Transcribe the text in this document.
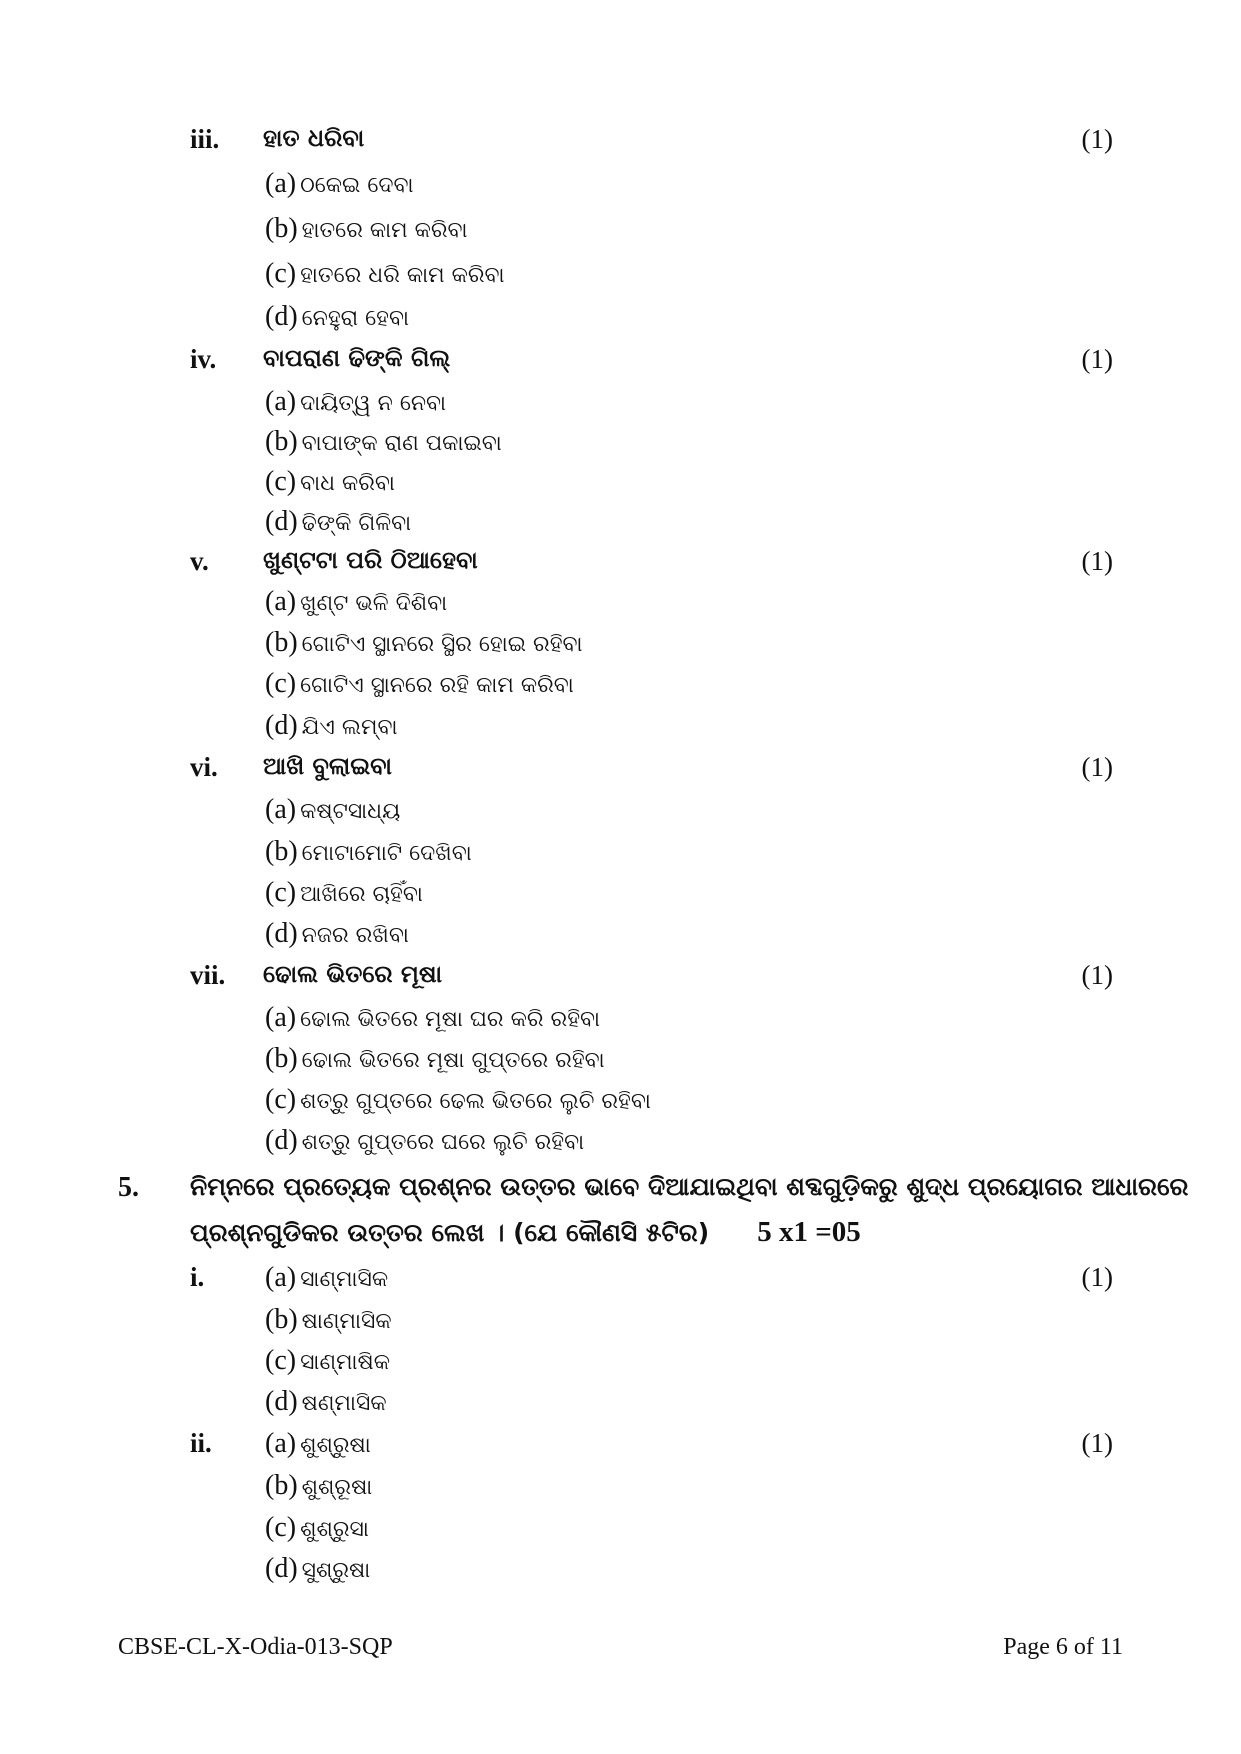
iii. ହାତ ଧରିବା	(1)
(a) ଠକେଇ ଦେବା
(b) ହାତରେ କାମ କରିବା
(c) ହାତରେ ଧରି କାମ କରିବା
(d) ନେହୁରା ହେବା
iv. ବାପରାଣ ଢିଙ୍କି ଗିଲ୍	(1)
(a) ଦାୟିତ୍ୱ ନ ନେବା
(b) ବାପାଙ୍କ ରାଣ ପକାଇବା
(c) ବାଧ କରିବା
(d) ଢିଙ୍କି ଗିଳିବା
v. ଖୁଣ୍ଟଟା ପରି ଠିଆହେବା	(1)
(a) ଖୁଣ୍ଟ ଭଳି ଦିଶିବା
(b) ଗୋଟିଏ ସ୍ଥାନରେ ସ୍ଥିର ହୋଇ ରହିବା
(c) ଗୋଟିଏ ସ୍ଥାନରେ ରହି କାମ କରିବା
(d) ଯିଏ ଲମ୍ବା
vi. ଆଖି ବୁଲାଇବା	(1)
(a) କଷ୍ଟସାଧ୍ୟ
(b) ମୋଟାମୋଟି ଦେଖିବା
(c) ଆଖିରେ ଚାହିଁବା
(d) ନଜର ରଖିବା
vii. ଢୋଲ ଭିତରେ ମୂଷା	(1)
(a) ଢୋଲ ଭିତରେ ମୂଷା ଘର କରି ରହିବା
(b) ଢୋଲ ଭିତରେ ମୂଷା ଗୁପ୍ତରେ ରହିବା
(c) ଶତ୍ରୁ ଗୁପ୍ତରେ ଢେଲ ଭିତରେ ଲୁଚି ରହିବା
(d) ଶତ୍ରୁ ଗୁପ୍ତରେ ଘରେ ଲୁଚି ରହିବା
5. ନିମ୍ନରେ ପ୍ରତ୍ୟେକ ପ୍ରଶ୍ନର ଉତ୍ତର ଭାବେ ଦିଆଯାଇଥିବା ଶବ୍ଦଗୁଡ଼ିକରୁ ଶୁଦ୍ଧ ପ୍ରୟୋଗର ଆଧାରରେ
ପ୍ରଶ୍ନଗୁଡିକର ଉତ୍ତର ଲେଖ । (ଯେ କୌଣସି ୫ଟିର) 5 x1 =05
i.	(1)
(a) ସାଣ୍ମାସିକ
(b) ଷାଣ୍ମାସିକ
(c) ସାଣ୍ମାଷିକ
(d) ଷଣ୍ମାସିକ
ii.	(1)
(a) ଶୁଶ୍ରୁଷା
(b) ଶୁଶ୍ରୂଷା
(c) ଶୁଶ୍ରୁସା
(d) ସୁଶ୍ରୁଷା
CBSE-CL-X-Odia-013-SQP	Page 6 of 11
